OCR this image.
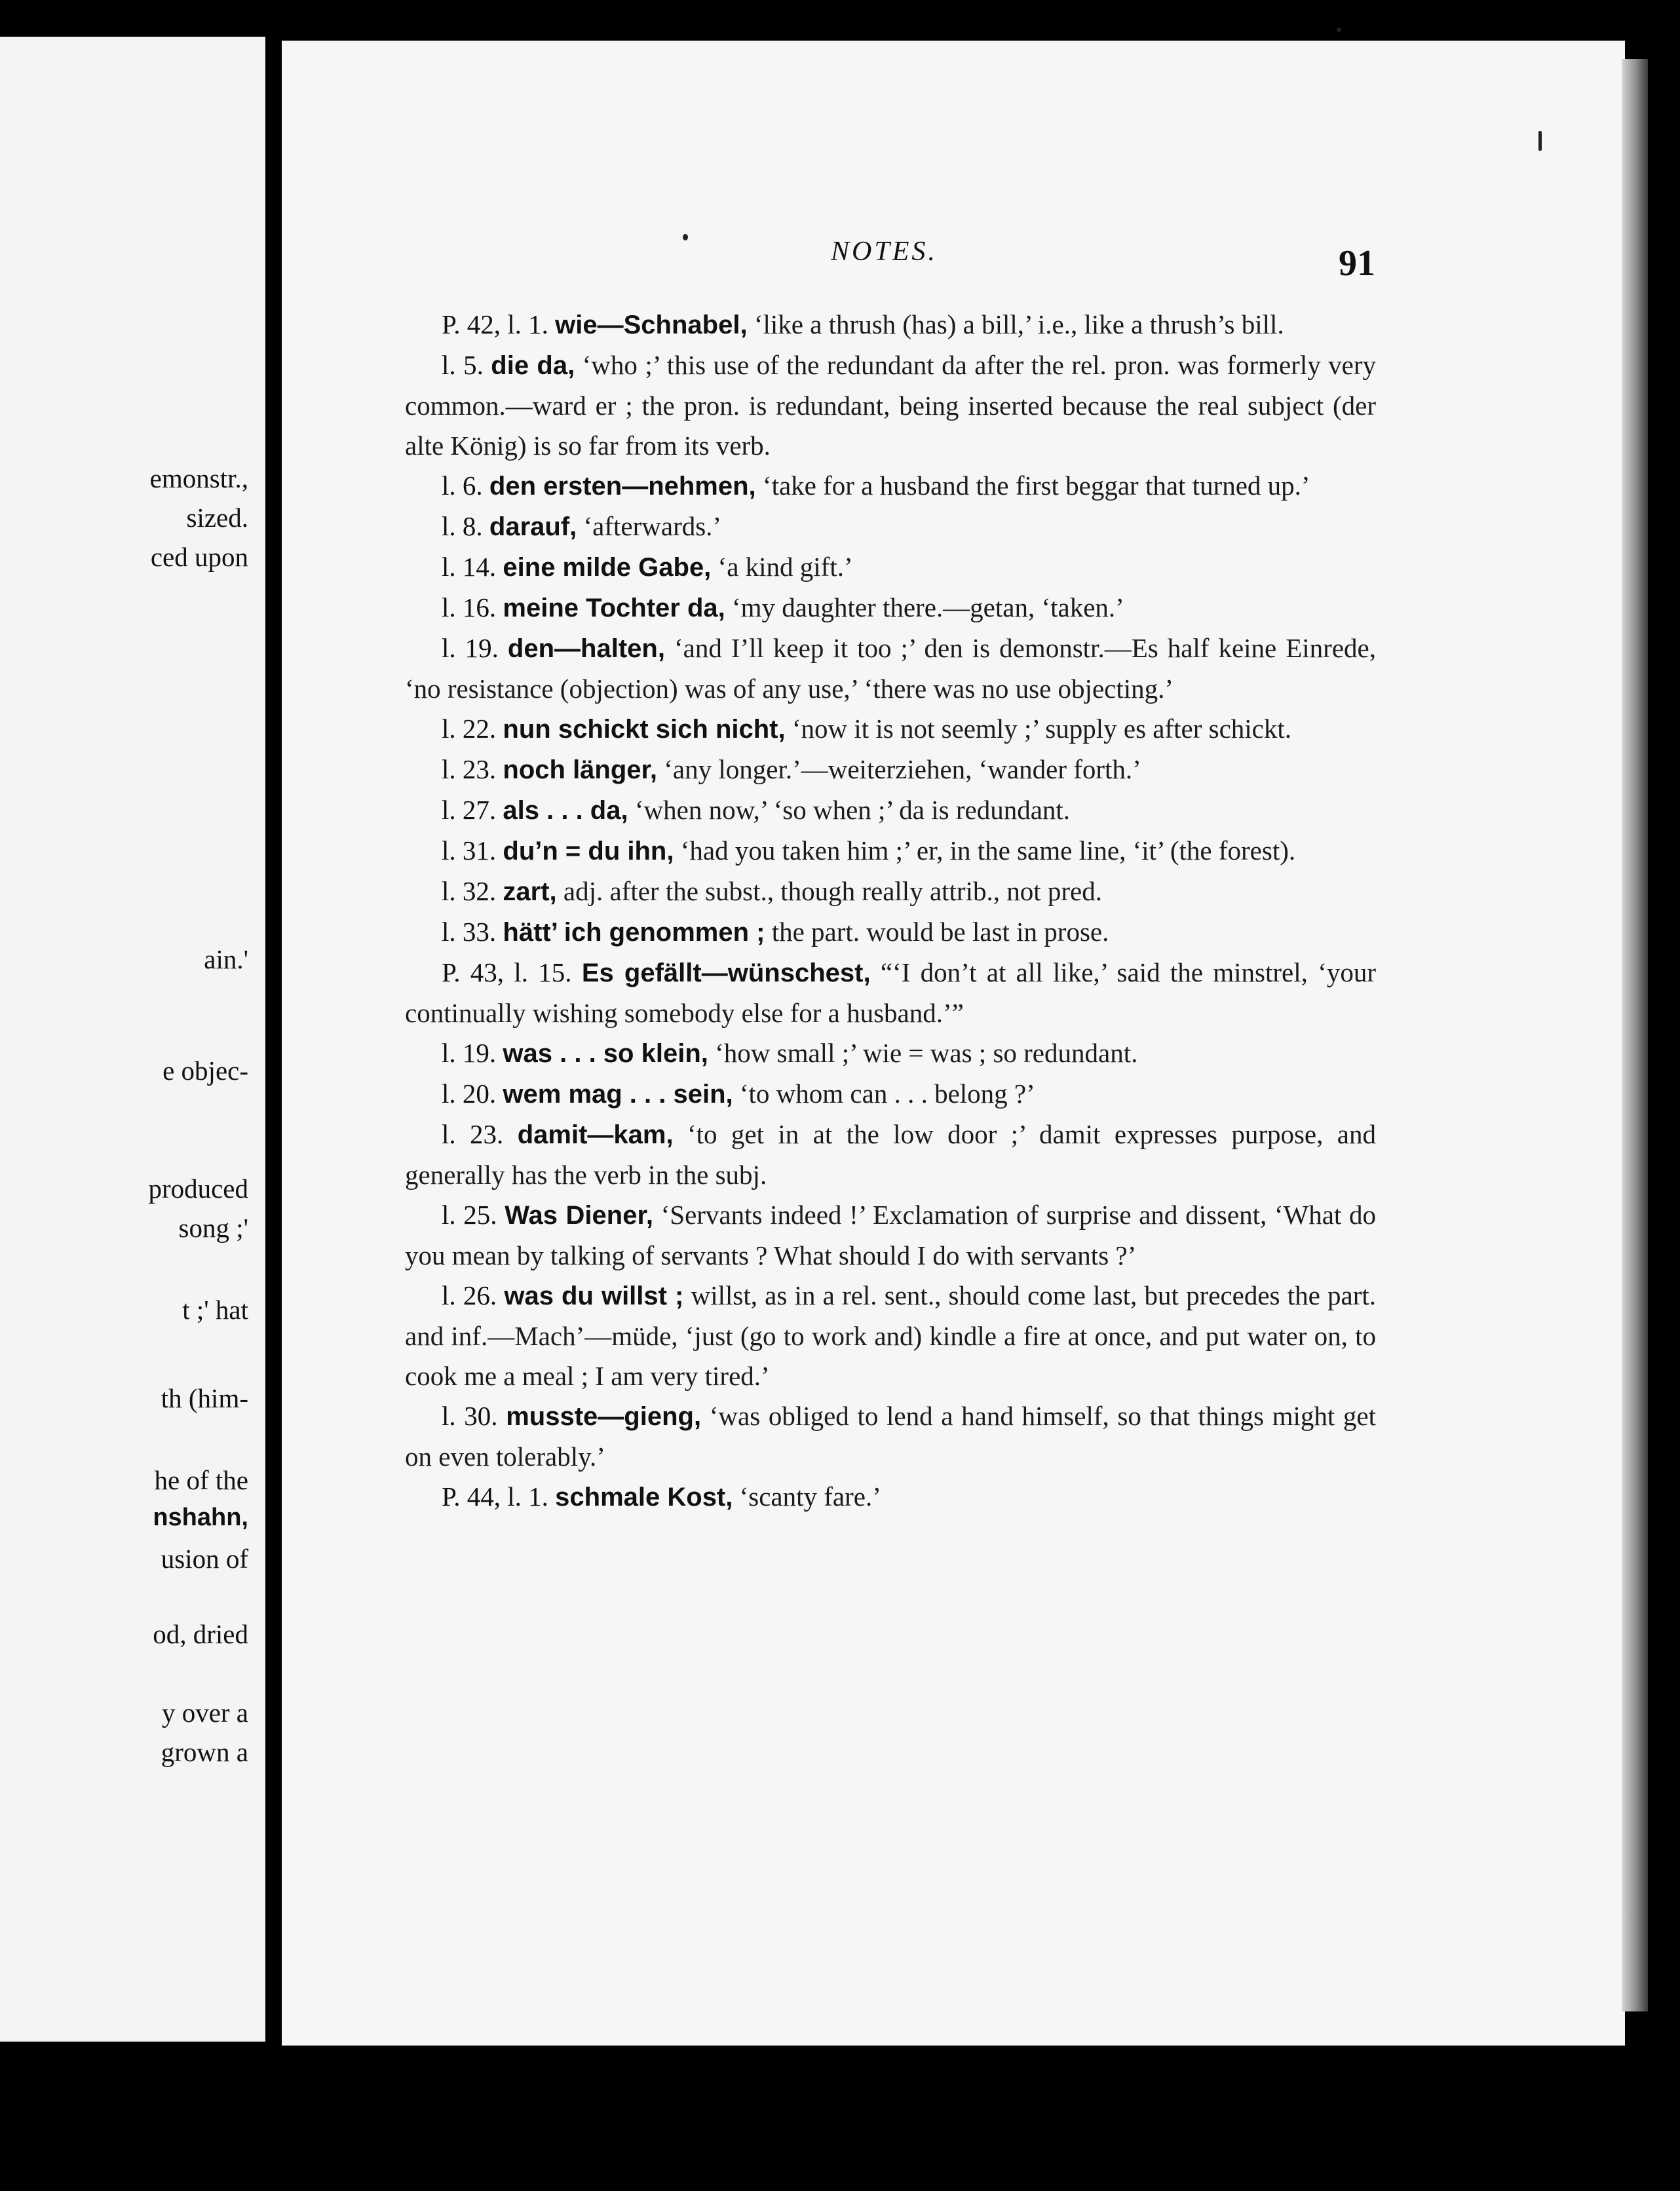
emonstr.,
sized.
ced upon
ain.'
e objec-
produced
song ;'
t ;' hat
th (him-
he of the
nshahn,
usion of
od, dried
y over a
grown a
NOTES.	91
P. 42, l. 1. wie—Schnabel, ‘like a thrush (has) a bill,’ i.e., like a thrush’s bill.
l. 5. die da, ‘who ;’ this use of the redundant da after the rel. pron. was formerly very common.—ward er ; the pron. is redundant, being inserted because the real subject (der alte König) is so far from its verb.
l. 6. den ersten—nehmen, ‘take for a husband the first beggar that turned up.’
l. 8. darauf, ‘afterwards.’
l. 14. eine milde Gabe, ‘a kind gift.’
l. 16. meine Tochter da, ‘my daughter there.—getan, ‘taken.’
l. 19. den—halten, ‘and I’ll keep it too ;’ den is demonstr.—Es half keine Einrede, ‘no resistance (objection) was of any use,’ ‘there was no use objecting.’
l. 22. nun schickt sich nicht, ‘now it is not seemly ;’ supply es after schickt.
l. 23. noch länger, ‘any longer.’—weiterziehen, ‘wander forth.’
l. 27. als . . . da, ‘when now,’ ‘so when ;’ da is redundant.
l. 31. du’n = du ihn, ‘had you taken him ;’ er, in the same line, ‘it’ (the forest).
l. 32. zart, adj. after the subst., though really attrib., not pred.
l. 33. hätt’ ich genommen ; the part. would be last in prose.
P. 43, l. 15. Es gefällt—wünschest, “‘I don’t at all like,’ said the minstrel, ‘your continually wishing somebody else for a husband.’”
l. 19. was . . . so klein, ‘how small ;’ wie = was ; so redundant.
l. 20. wem mag . . . sein, ‘to whom can . . . belong ?’
l. 23. damit—kam, ‘to get in at the low door ;’ damit expresses purpose, and generally has the verb in the subj.
l. 25. Was Diener, ‘Servants indeed !’ Exclamation of surprise and dissent, ‘What do you mean by talking of servants ? What should I do with servants ?’
l. 26. was du willst ; willst, as in a rel. sent., should come last, but precedes the part. and inf.—Mach’—müde, ‘just (go to work and) kindle a fire at once, and put water on, to cook me a meal ; I am very tired.’
l. 30. musste—gieng, ‘was obliged to lend a hand himself, so that things might get on even tolerably.’
P. 44, l. 1. schmale Kost, ‘scanty fare.’
